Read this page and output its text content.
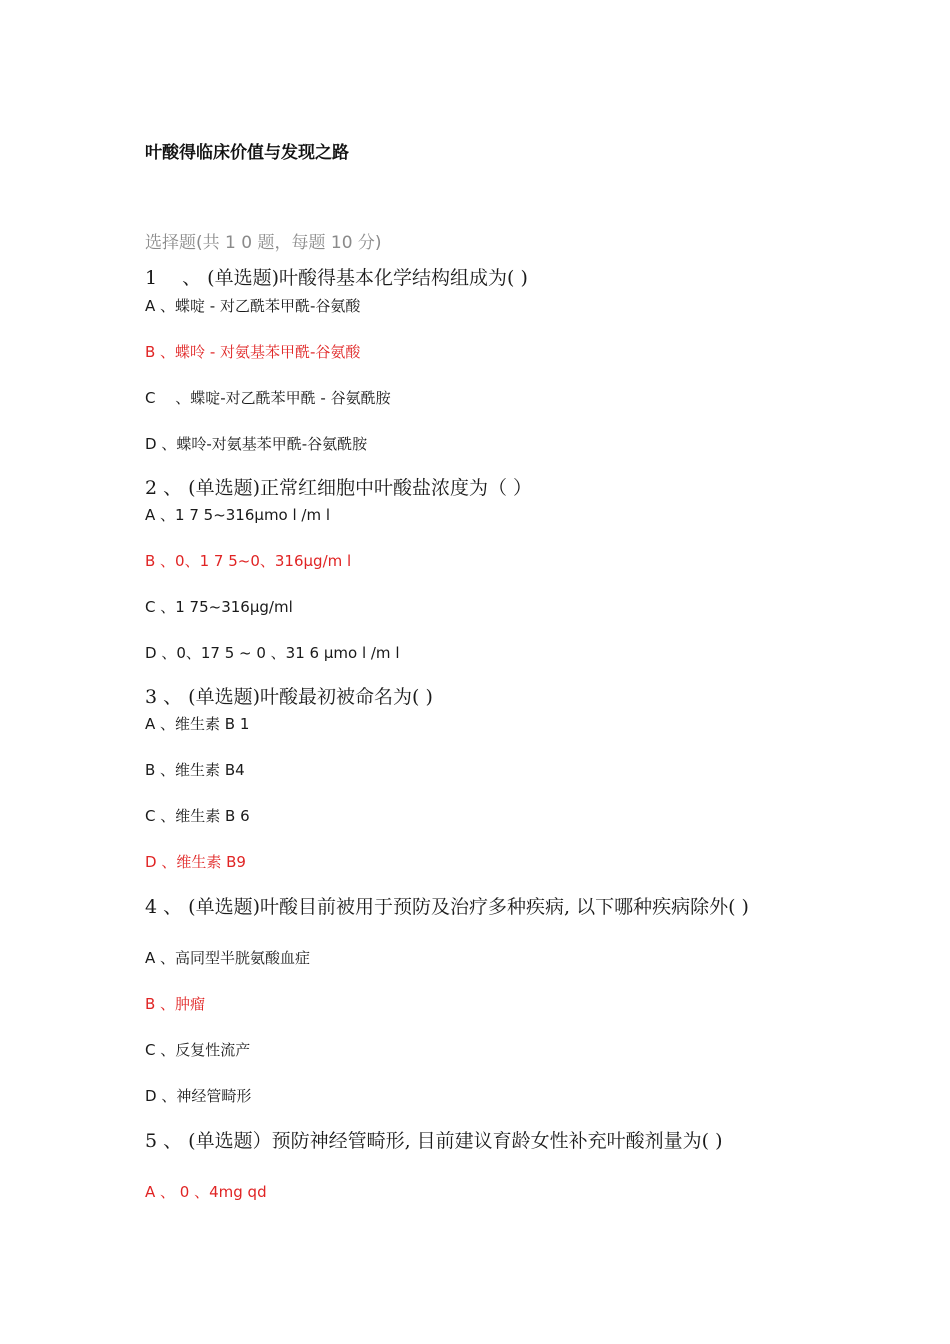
叶酸得临床价值与发现之路
选择题(共 1 0 题，每题 10 分)
1　 、 (单选题)叶酸得基本化学结构组成为( )
A 、蝶啶 - 对乙酰苯甲酰-谷氨酸
B 、蝶呤 - 对氨基苯甲酰-谷氨酸
C　 、蝶啶-对乙酰苯甲酰 - 谷氨酰胺
D 、蝶呤-对氨基苯甲酰-谷氨酰胺
2 、 (单选题)正常红细胞中叶酸盐浓度为（ ）
A 、1 7 5~316μmo l /m l
B 、0、1 7 5~0、316μg/m l
C 、1 75~316μg/ml
D 、0、17 5 ~ 0 、31 6 μmo l /m l
3 、 (单选题)叶酸最初被命名为( )
A 、维生素 B 1
B 、维生素 B4
C 、维生素 B 6
D 、维生素 B9
4 、 (单选题)叶酸目前被用于预防及治疗多种疾病, 以下哪种疾病除外( )
A 、高同型半胱氨酸血症
B 、肿瘤
C 、反复性流产
D 、神经管畸形
5 、 (单选题）预防神经管畸形, 目前建议育龄女性补充叶酸剂量为( )
A 、 0 、4mg qd
